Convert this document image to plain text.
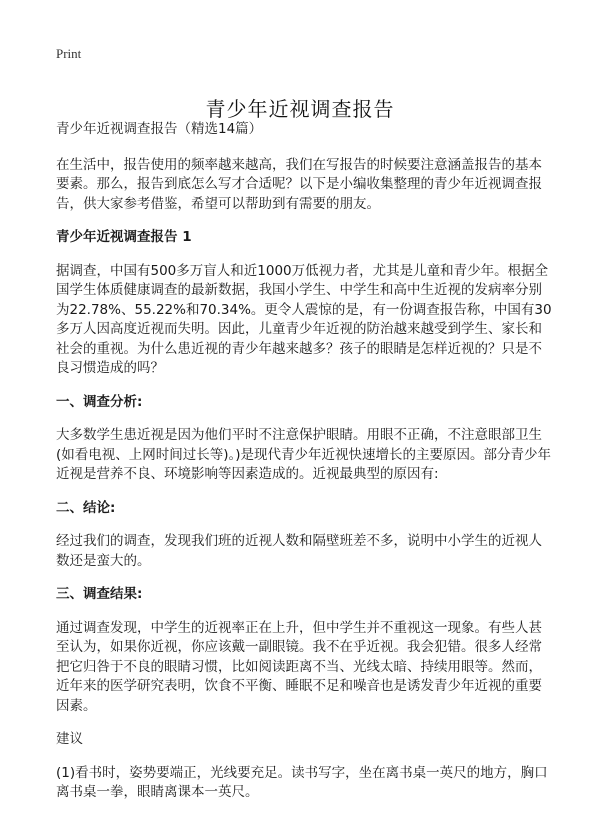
Print
青少年近视调查报告

青少年近视调查报告（精选14篇）

在生活中，报告使用的频率越来越高，我们在写报告的时候要注意涵盖报告的基本要素。那么，报告到底怎么写才合适呢？以下是小编收集整理的青少年近视调查报告，供大家参考借鉴，希望可以帮助到有需要的朋友。

青少年近视调查报告 1

据调查，中国有500多万盲人和近1000万低视力者，尤其是儿童和青少年。根据全国学生体质健康调查的最新数据，我国小学生、中学生和高中生近视的发病率分别为22.78%、55.22%和70.34%。更令人震惊的是，有一份调查报告称，中国有30多万人因高度近视而失明。因此，儿童青少年近视的防治越来越受到学生、家长和社会的重视。为什么患近视的青少年越来越多？孩子的眼睛是怎样近视的？只是不良习惯造成的吗？

一、调查分析:

大多数学生患近视是因为他们平时不注意保护眼睛。用眼不正确，不注意眼部卫生(如看电视、上网时间过长等)。)是现代青少年近视快速增长的主要原因。部分青少年近视是营养不良、环境影响等因素造成的。近视最典型的原因有:

二、结论:

经过我们的调查，发现我们班的近视人数和隔壁班差不多，说明中小学生的近视人数还是蛮大的。

三、调查结果:

通过调查发现，中学生的近视率正在上升，但中学生并不重视这一现象。有些人甚至认为，如果你近视，你应该戴一副眼镜。我不在乎近视。我会犯错。很多人经常把它归咎于不良的眼睛习惯，比如阅读距离不当、光线太暗、持续用眼等。然而，近年来的医学研究表明，饮食不平衡、睡眠不足和噪音也是诱发青少年近视的重要因素。

建议

(1)看书时，姿势要端正，光线要充足。读书写字，坐在离书桌一英尺的地方，胸口离书桌一拳，眼睛离课本一英尺。
